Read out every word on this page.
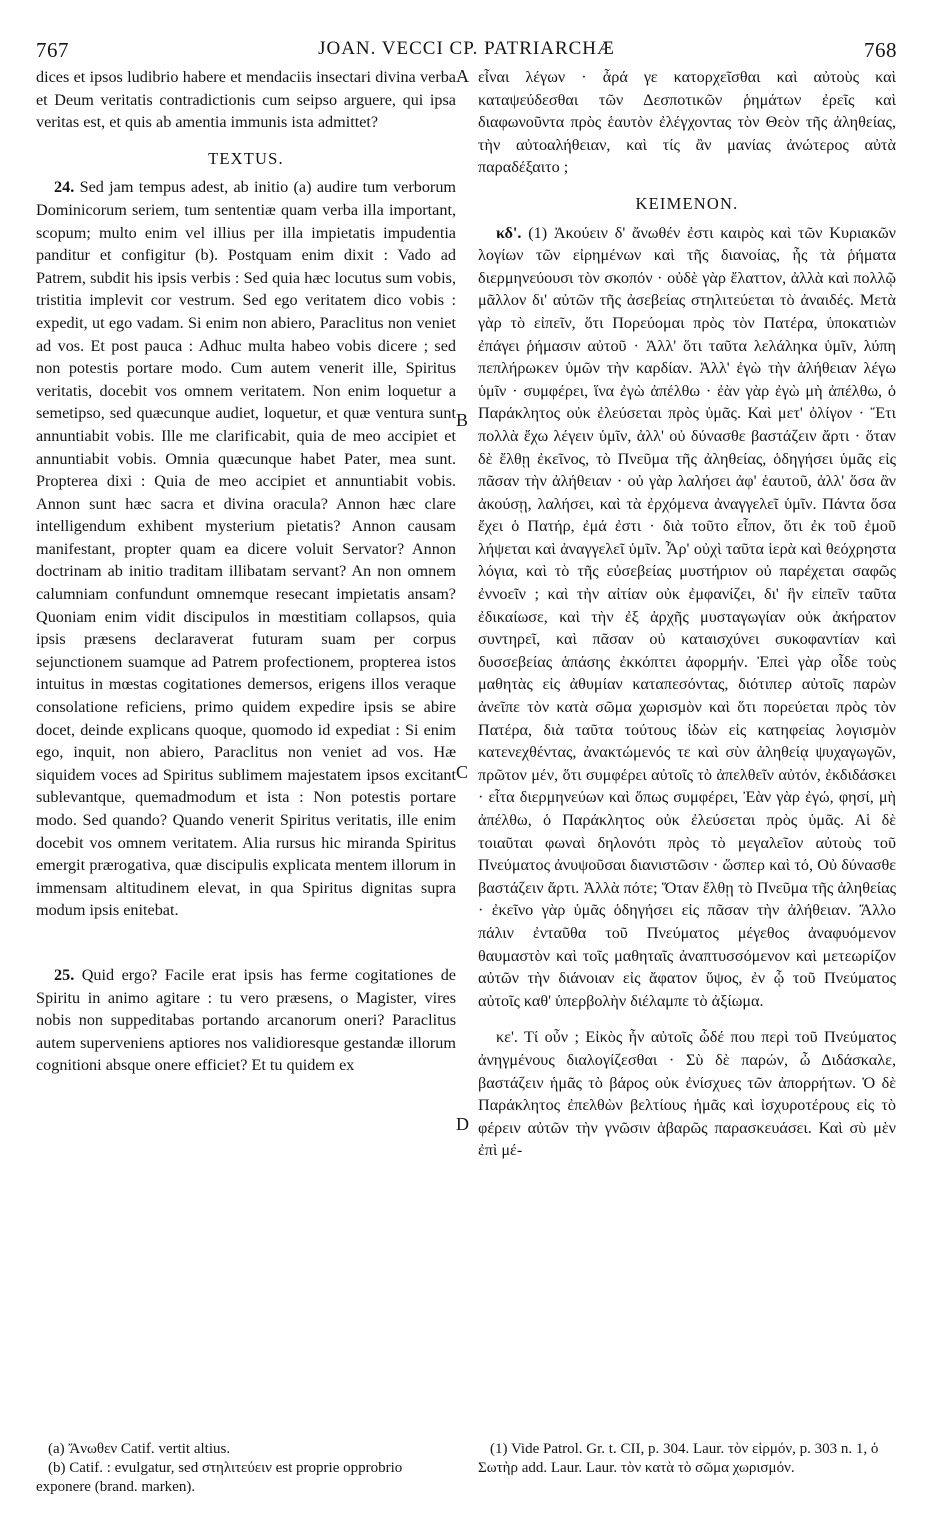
767	JOAN. VECCI CP. PATRIARCHÆ	768

dices et ipsos ludibrio habere et mendaciis insectari divina verba et Deum veritatis contradictionis cum seipso arguere, qui ipsa veritas est, et quis ab amentia immunis ista admittet?

TEXTUS.

24. Sed jam tempus adest, ab initio (a) audire tum verborum Dominicorum seriem, tum sententiæ quam verba illa important, scopum; multo enim vel illius per illa impietatis impudentia panditur et configitur (b). Postquam enim dixit : Vado ad Patrem, subdit his ipsis verbis : Sed quia hæc locutus sum vobis, tristitia implevit cor vestrum. Sed ego veritatem dico vobis : expedit, ut ego vadam. Si enim non abiero, Paraclitus non veniet ad vos. Et post pauca : Adhuc multa habeo vobis dicere ; sed non potestis portare modo. Cum autem venerit ille, Spiritus veritatis, docebit vos omnem veritatem. Non enim loquetur a semetipso, sed quæcunque audiet, loquetur, et quæ ventura sunt annuntiabit vobis. Ille me clarificabit, quia de meo accipiet et annuntiabit vobis. Omnia quæcunque habet Pater, mea sunt. Propterea dixi : Quia de meo accipiet et annuntiabit vobis. Annon sunt hæc sacra et divina oracula? Annon hæc clare intelligendum exhibent mysterium pietatis? Annon causam manifestant, propter quam ea dicere voluit Servator? Annon doctrinam ab initio traditam illibatam servant? An non omnem calumniam confundunt omnemque resecant impietatis ansam? Quoniam enim vidit discipulos in mœstitiam collapsos, quia ipsis præsens declaraverat futuram suam per corpus sejunctionem suamque ad Patrem profectionem, propterea istos intuitus in mœstas cogitationes demersos, erigens illos veraque consolatione reficiens, primo quidem expedire ipsis se abire docet, deinde explicans quoque, quomodo id expediat : Si enim ego, inquit, non abiero, Paraclitus non veniet ad vos. Hæ siquidem voces ad Spiritus sublimem majestatem ipsos excitant sublevantque, quemadmodum et ista : Non potestis portare modo. Sed quando? Quando venerit Spiritus veritatis, ille enim docebit vos omnem veritatem. Alia rursus hic miranda Spiritus emergit prærogativa, quæ discipulis explicata mentem illorum in immensam altitudinem elevat, in qua Spiritus dignitas supra modum ipsis enitebat.

25. Quid ergo? Facile erat ipsis has ferme cogitationes de Spiritu in animo agitare : tu vero præsens, o Magister, vires nobis non suppeditabas portando arcanorum oneri? Paraclitus autem superveniens aptiores nos validioresque gestandæ illorum cognitioni absque onere efficiet? Et tu quidem ex

εἶναι λέγων · ἆρά γε κατορχεῖσθαι καὶ αὐτοὺς καὶ καταψεύδεσθαι τῶν Δεσποτικῶν ῥημάτων ἐρεῖς καὶ διαφωνοῦντα πρὸς ἑαυτὸν ἐλέγχοντας τὸν Θεὸν τῆς ἀληθείας, τὴν αὐτοαλήθειαν, καὶ τίς ἂν μανίας ἀνώτερος αὐτὰ παραδέξαιτο ;

ΚΕΙΜΕΝΟΝ.

κδ'. (1) Ἀκούειν δ' ἄνωθέν ἐστι καιρὸς καὶ τῶν Κυριακῶν λογίων τῶν εἰρημένων καὶ τῆς διανοίας, ἧς τὰ ῥήματα διερμηνεύουσι τὸν σκοπόν · οὐδὲ γὰρ ἔλαττον, ἀλλὰ καὶ πολλῷ μᾶλλον δι' αὐτῶν τῆς ἀσεβείας στηλιτεύεται τὸ ἀναιδές. Μετὰ γὰρ τὸ εἰπεῖν, ὅτι Πορεύομαι πρὸς τὸν Πατέρα, ὑποκατιὼν ἐπάγει ῥήμασιν αὐτοῦ · Ἀλλ' ὅτι ταῦτα λελάληκα ὑμῖν, λύπη πεπλήρωκεν ὑμῶν τὴν καρδίαν. Ἀλλ' ἐγὼ τὴν ἀλήθειαν λέγω ὑμῖν · συμφέρει, ἵνα ἐγὼ ἀπέλθω · ἐὰν γὰρ ἐγὼ μὴ ἀπέλθω, ὁ Παράκλητος οὐκ ἐλεύσεται πρὸς ὑμᾶς. Καὶ μετ' ὀλίγον · Ἔτι πολλὰ ἔχω λέγειν ὑμῖν, ἀλλ' οὐ δύνασθε βαστάζειν ἄρτι · ὅταν δὲ ἔλθῃ ἐκεῖνος, τὸ Πνεῦμα τῆς ἀληθείας, ὁδηγήσει ὑμᾶς εἰς πᾶσαν τὴν ἀλήθειαν · οὐ γὰρ λαλήσει ἀφ' ἑαυτοῦ, ἀλλ' ὅσα ἂν ἀκούσῃ, λαλήσει, καὶ τὰ ἐρχόμενα ἀναγγελεῖ ὑμῖν. Πάντα ὅσα ἔχει ὁ Πατήρ, ἐμά ἐστι · διὰ τοῦτο εἶπον, ὅτι ἐκ τοῦ ἐμοῦ λήψεται καὶ ἀναγγελεῖ ὑμῖν. Ἆρ' οὐχὶ ταῦτα ἱερὰ καὶ θεόχρηστα λόγια, καὶ τὸ τῆς εὐσεβείας μυστήριον οὐ παρέχεται σαφῶς ἐννοεῖν ; καὶ τὴν αἰτίαν οὐκ ἐμφανίζει, δι' ἣν εἰπεῖν ταῦτα ἐδικαίωσε, καὶ τὴν ἐξ ἀρχῆς μυσταγωγίαν οὐκ ἀκήρατον συντηρεῖ, καὶ πᾶσαν οὐ καταισχύνει συκοφαντίαν καὶ δυσσεβείας ἁπάσης ἐκκόπτει ἀφορμήν. Ἐπεὶ γὰρ οἶδε τοὺς μαθητὰς εἰς ἀθυμίαν καταπεσόντας, διότιπερ αὐτοῖς παρὼν ἀνεῖπε τὸν κατὰ σῶμα χωρισμὸν καὶ ὅτι πορεύεται πρὸς τὸν Πατέρα, διὰ ταῦτα τούτους ἰδὼν εἰς κατηφείας λογισμὸν κατενεχθέντας, ἀνακτώμενός τε καὶ σὺν ἀληθείᾳ ψυχαγωγῶν, πρῶτον μέν, ὅτι συμφέρει αὐτοῖς τὸ ἀπελθεῖν αὐτόν, ἐκδιδάσκει · εἶτα διερμηνεύων καὶ ὅπως συμφέρει, Ἐὰν γὰρ ἐγώ, φησί, μὴ ἀπέλθω, ὁ Παράκλητος οὐκ ἐλεύσεται πρὸς ὑμᾶς. Αἱ δὲ τοιαῦται φωναὶ δηλονότι πρὸς τὸ μεγαλεῖον αὐτοὺς τοῦ Πνεύματος ἀνυψοῦσαι διανιστῶσιν · ὥσπερ καὶ τό, Οὐ δύνασθε βαστάζειν ἄρτι. Ἀλλὰ πότε; Ὅταν ἔλθῃ τὸ Πνεῦμα τῆς ἀληθείας · ἐκεῖνο γὰρ ὑμᾶς ὁδηγήσει εἰς πᾶσαν τὴν ἀλήθειαν. Ἄλλο πάλιν ἐνταῦθα τοῦ Πνεύματος μέγεθος ἀναφυόμενον θαυμαστὸν καὶ τοῖς μαθηταῖς ἀναπτυσσόμενον καὶ μετεωρίζον αὐτῶν τὴν διάνοιαν εἰς ἄφατον ὕψος, ἐν ᾧ τοῦ Πνεύματος αὐτοῖς καθ' ὑπερβολὴν διέλαμπε τὸ ἀξίωμα.

κε'. Τί οὖν ; Εἰκὸς ἦν αὐτοῖς ὧδέ που περὶ τοῦ Πνεύματος ἀνηγμένους διαλογίζεσθαι · Σὺ δὲ παρών, ὦ Διδάσκαλε, βαστάζειν ἡμᾶς τὸ βάρος οὐκ ἐνίσχυες τῶν ἀπορρήτων. Ὁ δὲ Παράκλητος ἐπελθὼν βελτίους ἡμᾶς καὶ ἰσχυροτέρους εἰς τὸ φέρειν αὐτῶν τὴν γνῶσιν ἀβαρῶς παρασκευάσει. Καὶ σὺ μὲν ἐπὶ μέ-

A
B
C
D

(a) Ἄνωθεν Catif. vertit altius.

(b) Catif. : evulgatur, sed στηλιτεύειν est proprie opprobrio exponere (brand. marken).

(1) Vide Patrol. Gr. t. CII, p. 304. Laur. τὸν εἱρμόν, p. 303 n. 1, ὁ Σωτὴρ add. Laur. Laur. τὸν κατὰ τὸ σῶμα χωρισμόν.
